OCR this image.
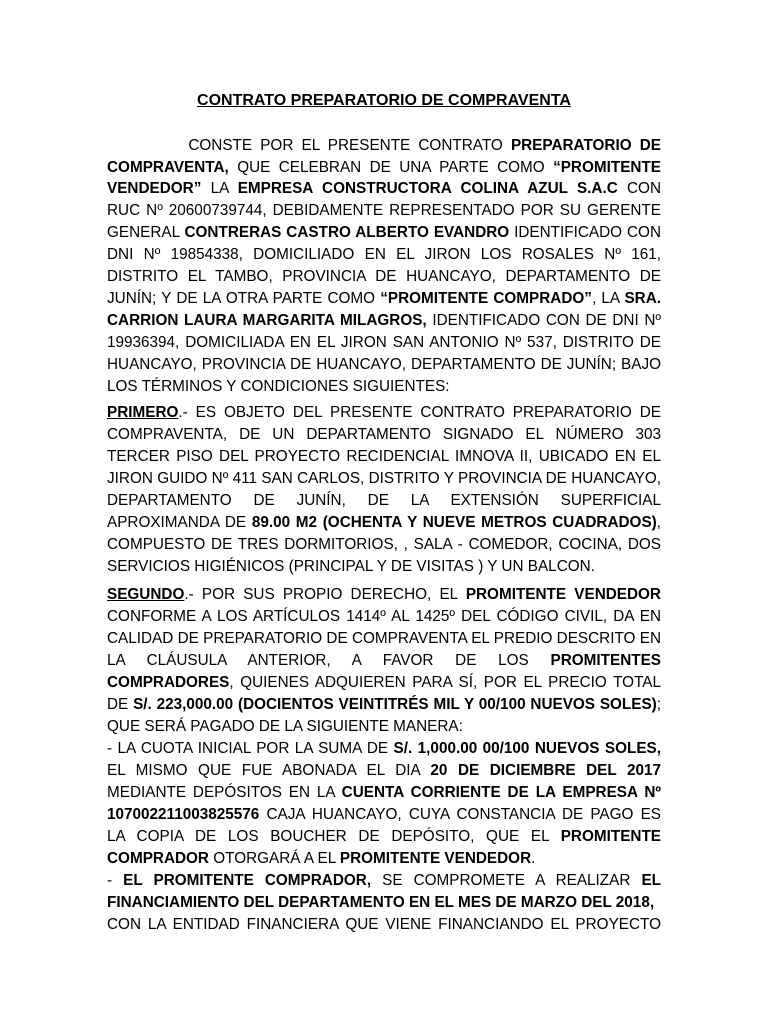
CONTRATO PREPARATORIO DE COMPRAVENTA
CONSTE POR EL PRESENTE CONTRATO PREPARATORIO DE
COMPRAVENTA, QUE CELEBRAN DE UNA PARTE COMO “PROMITENTE
VENDEDOR” LA EMPRESA CONSTRUCTORA COLINA AZUL S.A.C CON
RUC Nº 20600739744, DEBIDAMENTE REPRESENTADO POR SU GERENTE
GENERAL CONTRERAS CASTRO ALBERTO EVANDRO IDENTIFICADO CON
DNI Nº 19854338, DOMICILIADO EN EL JIRON LOS ROSALES Nº 161,
DISTRITO EL TAMBO, PROVINCIA DE HUANCAYO, DEPARTAMENTO DE
JUNÍN; Y DE LA OTRA PARTE COMO “PROMITENTE COMPRADO”, LA SRA.
CARRION LAURA MARGARITA MILAGROS, IDENTIFICADO CON DE DNI Nº
19936394, DOMICILIADA EN EL JIRON SAN ANTONIO Nº 537, DISTRITO DE
HUANCAYO, PROVINCIA DE HUANCAYO, DEPARTAMENTO DE JUNÍN; BAJO
LOS TÉRMINOS Y CONDICIONES SIGUIENTES:
PRIMERO.- ES OBJETO DEL PRESENTE CONTRATO PREPARATORIO DE
COMPRAVENTA, DE UN DEPARTAMENTO SIGNADO EL NÚMERO 303
TERCER PISO DEL PROYECTO RECIDENCIAL IMNOVA II, UBICADO EN EL
JIRON GUIDO Nº 411 SAN CARLOS, DISTRITO Y PROVINCIA DE HUANCAYO,
DEPARTAMENTO DE JUNÍN, DE LA EXTENSIÓN SUPERFICIAL
APROXIMANDA DE 89.00 M2 (OCHENTA Y NUEVE METROS CUADRADOS),
COMPUESTO DE TRES DORMITORIOS, , SALA - COMEDOR, COCINA, DOS
SERVICIOS HIGIÉNICOS (PRINCIPAL Y DE VISITAS ) Y UN BALCON.
SEGUNDO.- POR SUS PROPIO DERECHO, EL PROMITENTE VENDEDOR
CONFORME A LOS ARTÍCULOS 1414º AL 1425º DEL CÓDIGO CIVIL, DA EN
CALIDAD DE PREPARATORIO DE COMPRAVENTA EL PREDIO DESCRITO EN
LA CLÁUSULA ANTERIOR, A FAVOR DE LOS PROMITENTES
COMPRADORES, QUIENES ADQUIEREN PARA SÍ, POR EL PRECIO TOTAL
DE S/. 223,000.00 (DOCIENTOS VEINTITRÉS MIL Y 00/100 NUEVOS SOLES);
QUE SERÁ PAGADO DE LA SIGUIENTE MANERA:
- LA CUOTA INICIAL POR LA SUMA DE S/. 1,000.00 00/100 NUEVOS SOLES,
EL MISMO QUE FUE ABONADA EL DIA 20 DE DICIEMBRE DEL 2017
MEDIANTE DEPÓSITOS EN LA CUENTA CORRIENTE DE LA EMPRESA Nº
107002211003825576 CAJA HUANCAYO, CUYA CONSTANCIA DE PAGO ES
LA COPIA DE LOS BOUCHER DE DEPÓSITO, QUE EL PROMITENTE
COMPRADOR OTORGARÁ A EL PROMITENTE VENDEDOR.
- EL PROMITENTE COMPRADOR, SE COMPROMETE A REALIZAR EL
FINANCIAMIENTO DEL DEPARTAMENTO EN EL MES DE MARZO DEL 2018,
CON LA ENTIDAD FINANCIERA QUE VIENE FINANCIANDO EL PROYECTO
